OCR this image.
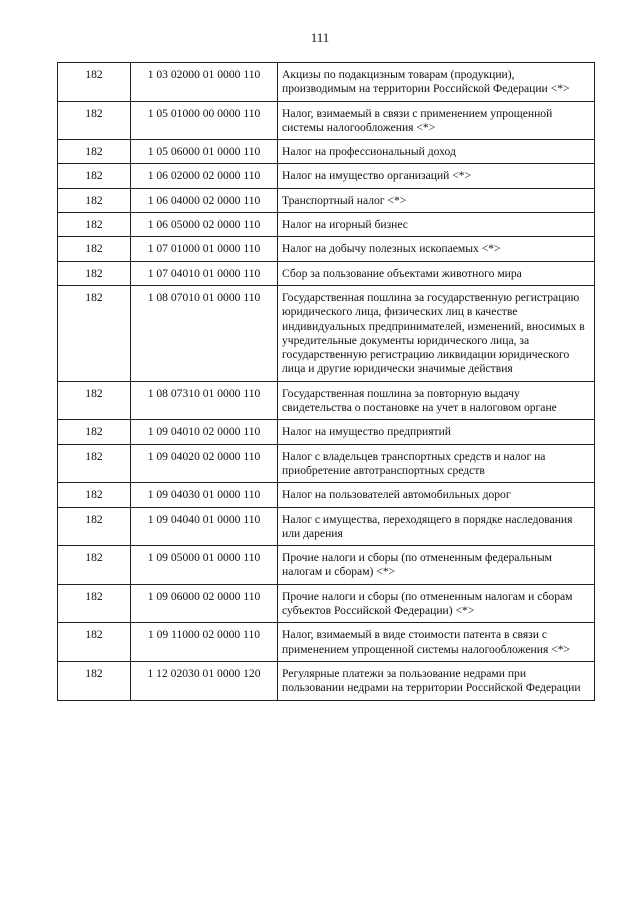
111
182	1 03 02000 01 0000 110	Акцизы по подакцизным товарам (продукции), производимым на территории Российской Федерации <*>
182	1 05 01000 00 0000 110	Налог, взимаемый в связи с применением упрощенной системы налогообложения <*>
182	1 05 06000 01 0000 110	Налог на профессиональный доход
182	1 06 02000 02 0000 110	Налог на имущество организаций <*>
182	1 06 04000 02 0000 110	Транспортный налог <*>
182	1 06 05000 02 0000 110	Налог на игорный бизнес
182	1 07 01000 01 0000 110	Налог на добычу полезных ископаемых <*>
182	1 07 04010 01 0000 110	Сбор за пользование объектами животного мира
182	1 08 07010 01 0000 110	Государственная пошлина за государственную регистрацию юридического лица, физических лиц в качестве индивидуальных предпринимателей, изменений, вносимых в учредительные документы юридического лица, за государственную регистрацию ликвидации юридического лица и другие юридически значимые действия
182	1 08 07310 01 0000 110	Государственная пошлина за повторную выдачу свидетельства о постановке на учет в налоговом органе
182	1 09 04010 02 0000 110	Налог на имущество предприятий
182	1 09 04020 02 0000 110	Налог с владельцев транспортных средств и налог на приобретение автотранспортных средств
182	1 09 04030 01 0000 110	Налог на пользователей автомобильных дорог
182	1 09 04040 01 0000 110	Налог с имущества, переходящего в порядке наследования или дарения
182	1 09 05000 01 0000 110	Прочие налоги и сборы (по отмененным федеральным налогам и сборам) <*>
182	1 09 06000 02 0000 110	Прочие налоги и сборы (по отмененным налогам и сборам субъектов Российской Федерации) <*>
182	1 09 11000 02 0000 110	Налог, взимаемый в виде стоимости патента в связи с применением упрощенной системы налогообложения <*>
182	1 12 02030 01 0000 120	Регулярные платежи за пользование недрами при пользовании недрами на территории Российской Федерации
